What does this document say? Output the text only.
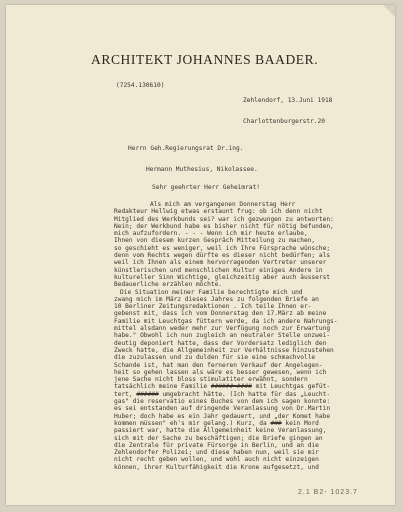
ARCHITEKT JOHANNES BAADER.
(7254.130610)

Zehlendorf, 13.Juni 1918

Charlottenburgerstr.20

Herrn Geh.Regierungsrat Dr.ing.

Hermann Muthesius, Nikolassee.

Sehr geehrter Herr Geheimrat!
Als mich am vergangenen Donnerstag Herr
Redakteur Hellwig etwas erstaunt frug: ob ich denn nicht
Mitglied des Werkbunds sei? war ich gezwungen zu antworten:
Nein; der Werkbund habe es bisher nicht für nötig befunden,
mich aufzufordern. - - - Wenn ich mir heute erlaube,
Ihnen von diesem kurzen Gespräch Mitteilung zu machen,
so geschieht es weniger, weil ich Ihre Fürsprache wünsche;
denn vom Rechts wegen dürfte es dieser nicht bedürfen; als
weil ich Ihnen als einem hervorragenden Vertreter unserer
künstlerischen und menschlichen Kultur einiges Andere in
kultureller Sinn Wichtige, gleichzeitig aber auch äusserst
Bedauerliche erzählen möchte.
Die Situation meiner Familie berechtigte mich und
zwang mich im März dieses Jahres zu folgenden Briefe an
10 Berliner Zeitungsredaktionen . Ich teile Ihnen er-
gebenst mit, dass ich vom Donnerstag den 17.März ab meine
Familie mit Leuchtgas füttern werde, da ich andere Nahrungs-
mittel alsdann weder mehr zur Verfügung noch zur Erwartung
habe." Obwohl ich nun zugleich an neutraler Stelle unzwei-
deutig deponiert hatte, dass der Vordersatz lediglich den
Zweck hatte, die Allgemeinheit zur Verhältnisse hinzustehen
die zuzulassen und zu dulden für sie eine schmachvolle
Schande ist, hat man den ferneren Verkauf der Angelegen-
heit so gehen lassen als wäre es besser gewesen, wenn ich
jene Sache nicht bloss stimulatiter erwähnt, sondern
tatsächlich meine Familie ###### #### mit Leuchtgas gefüt-
tert, ###### umgebracht hätte. (Ich hatte für das „Leucht-
gas" die reservatio eines Buches von dem ich sagen konnte:
es sei entstanden auf dringende Veranlassung von Dr.Martin
Huber; doch habe es ein Jahr gedauert, und „der Komet habe
kommen müssen" eh's mir gelang.) Kurz, da ### kein Mord
passiert war, hatte die Allgemeinheit keine Veranlassung,
sich mit der Sache zu beschäftigen; die Briefe gingen an
die Zentrale für private Fürsorge in Berlin, und an die
Zehlendorfer Polizei; und diese haben nun, weil sie mir
nicht recht geben wollen, und wohl auch nicht einzeigen
können, ihrer Kulturfähigkeit die Krone aufgesetzt, und
2.1 B2- 1023.7
